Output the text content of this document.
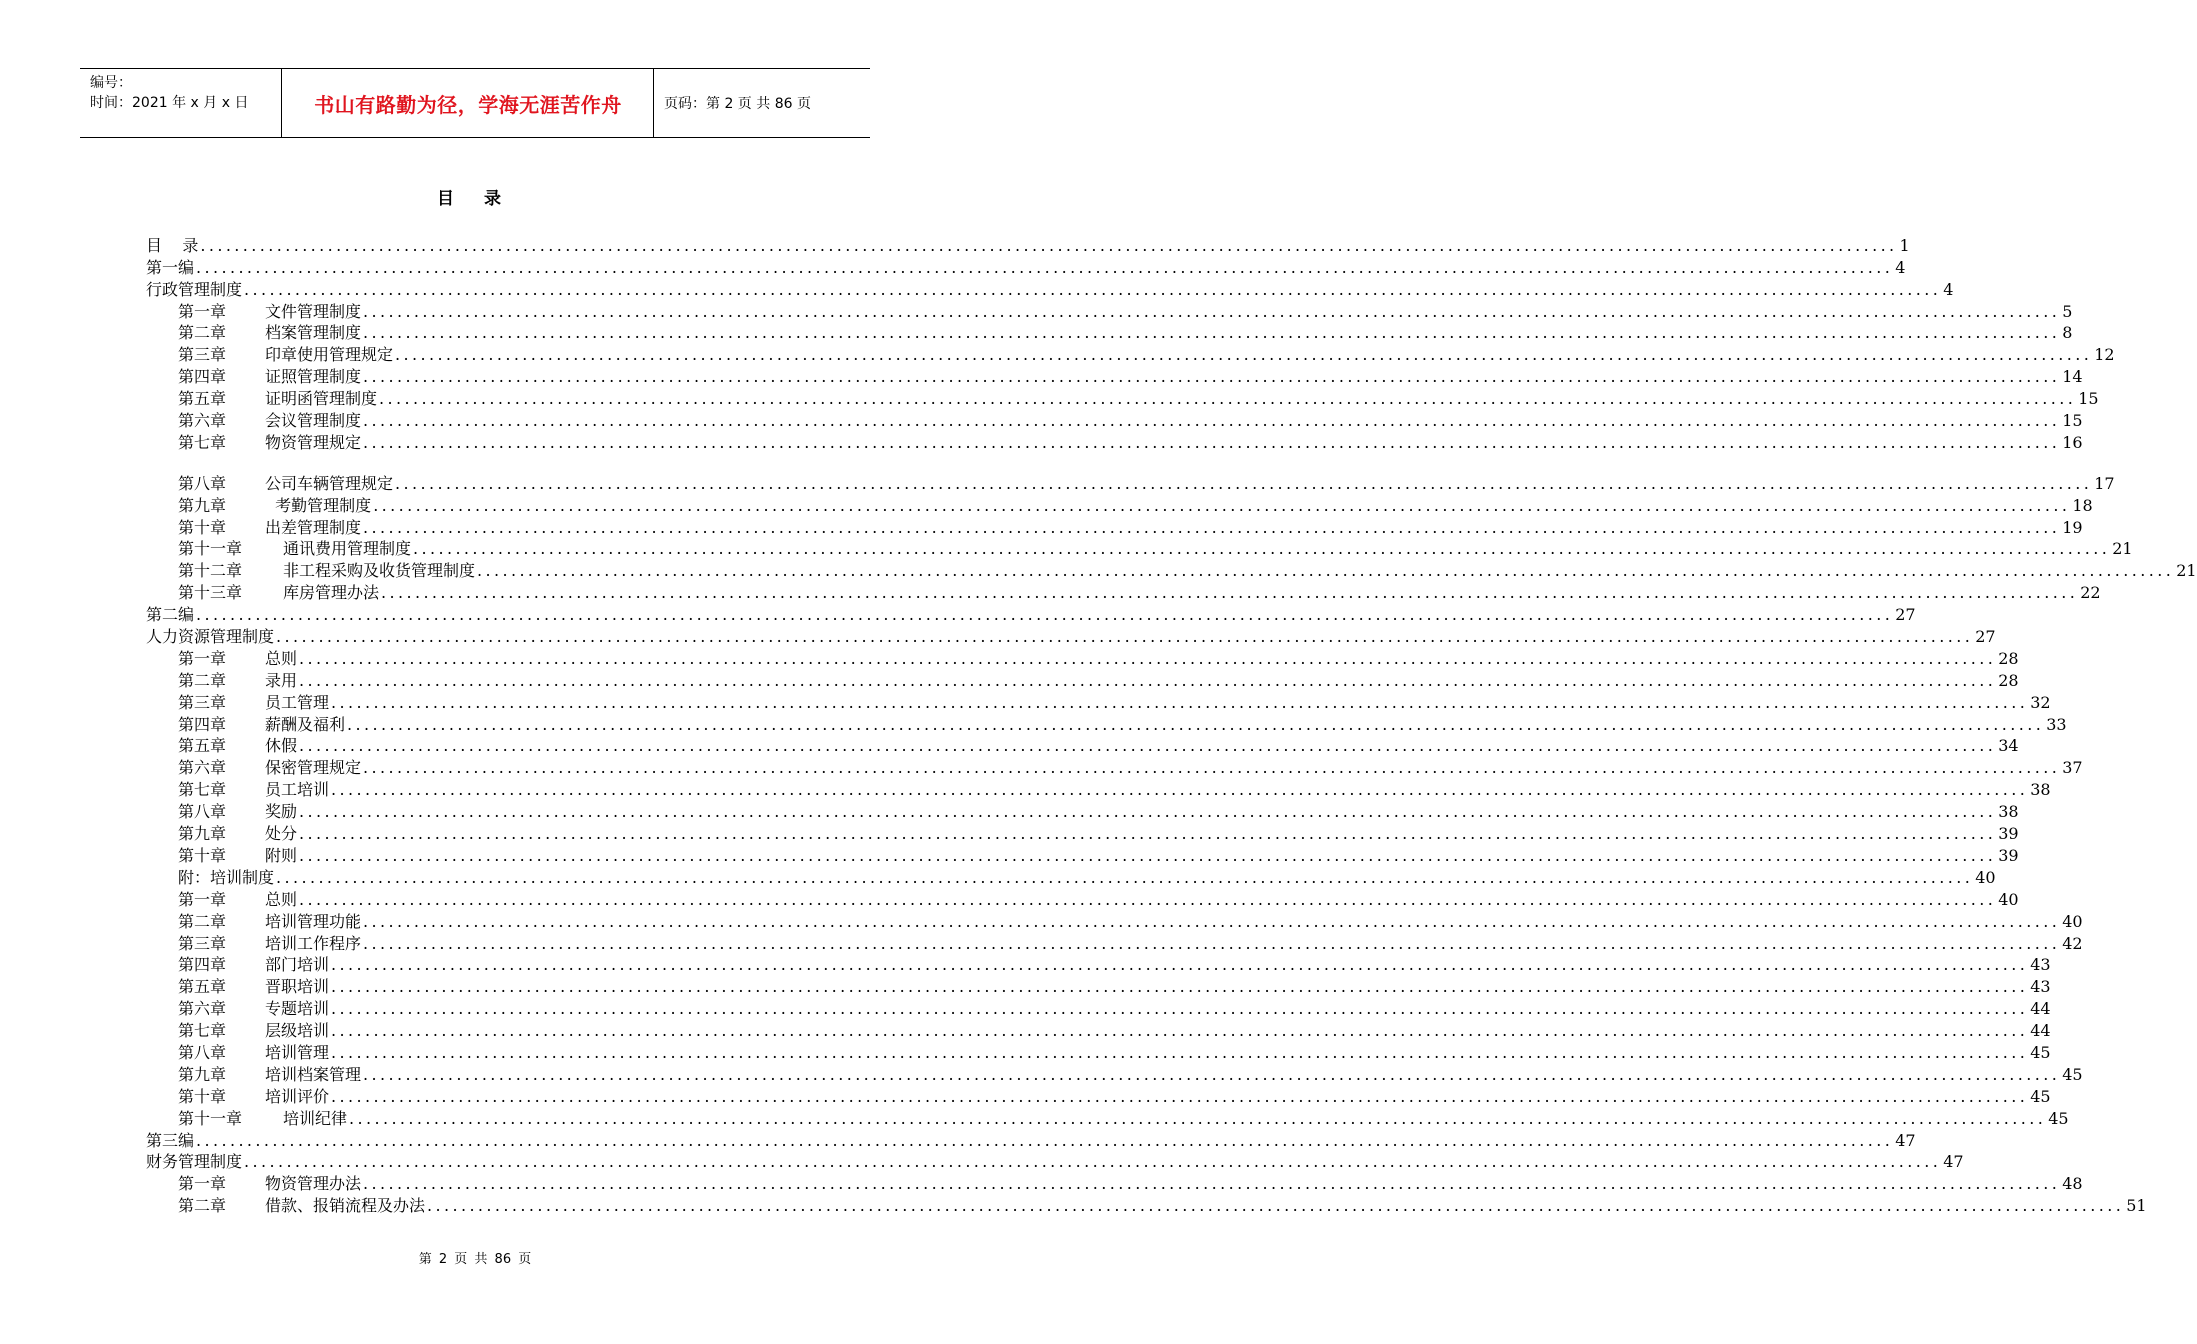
编号：
时间：2021 年 x 月 x 日	书山有路勤为径，学海无涯苦作舟	页码：第 2 页 共 86 页
目 录
目    录 ........................................................................................................................................................................................................ 1
第一编 ........................................................................................................................................................................................................ 4
行政管理制度 ........................................................................................................................................................................................................ 4
第一章 文件管理制度 ........................................................................................................................................................................................................ 5
第二章 档案管理制度 ........................................................................................................................................................................................................ 8
第三章 印章使用管理规定 ........................................................................................................................................................................................................ 12
第四章 证照管理制度 ........................................................................................................................................................................................................ 14
第五章 证明函管理制度 ........................................................................................................................................................................................................ 15
第六章 会议管理制度 ........................................................................................................................................................................................................ 15
第七章 物资管理规定 ........................................................................................................................................................................................................ 16
第八章 公司车辆管理规定 ........................................................................................................................................................................................................ 17
第九章  考勤管理制度 ........................................................................................................................................................................................................ 18
第十章 出差管理制度 ........................................................................................................................................................................................................ 19
第十一章	通讯费用管理制度 ........................................................................................................................................................................................................ 21
第十二章	非工程采购及收货管理制度 ........................................................................................................................................................................................................ 21
第十三章	库房管理办法 ........................................................................................................................................................................................................ 22
第二编 ........................................................................................................................................................................................................ 27
人力资源管理制度 ........................................................................................................................................................................................................ 27
第一章 总则 ........................................................................................................................................................................................................ 28
第二章 录用 ........................................................................................................................................................................................................ 28
第三章 员工管理 ........................................................................................................................................................................................................ 32
第四章 薪酬及福利 ........................................................................................................................................................................................................ 33
第五章 休假 ........................................................................................................................................................................................................ 34
第六章 保密管理规定 ........................................................................................................................................................................................................ 37
第七章 员工培训 ........................................................................................................................................................................................................ 38
第八章 奖励 ........................................................................................................................................................................................................ 38
第九章 处分 ........................................................................................................................................................................................................ 39
第十章 附则 ........................................................................................................................................................................................................ 39
附：培训制度 ........................................................................................................................................................................................................ 40
第一章 总则 ........................................................................................................................................................................................................ 40
第二章 培训管理功能 ........................................................................................................................................................................................................ 40
第三章 培训工作程序 ........................................................................................................................................................................................................ 42
第四章 部门培训 ........................................................................................................................................................................................................ 43
第五章 晋职培训 ........................................................................................................................................................................................................ 43
第六章 专题培训 ........................................................................................................................................................................................................ 44
第七章 层级培训 ........................................................................................................................................................................................................ 44
第八章 培训管理 ........................................................................................................................................................................................................ 45
第九章 培训档案管理 ........................................................................................................................................................................................................ 45
第十章 培训评价 ........................................................................................................................................................................................................ 45
第十一章	培训纪律 ........................................................................................................................................................................................................ 45
第三编 ........................................................................................................................................................................................................ 47
财务管理制度 ........................................................................................................................................................................................................ 47
第一章 物资管理办法 ........................................................................................................................................................................................................ 48
第二章 借款、报销流程及办法 ........................................................................................................................................................................................................ 51
第 2 页 共 86 页
